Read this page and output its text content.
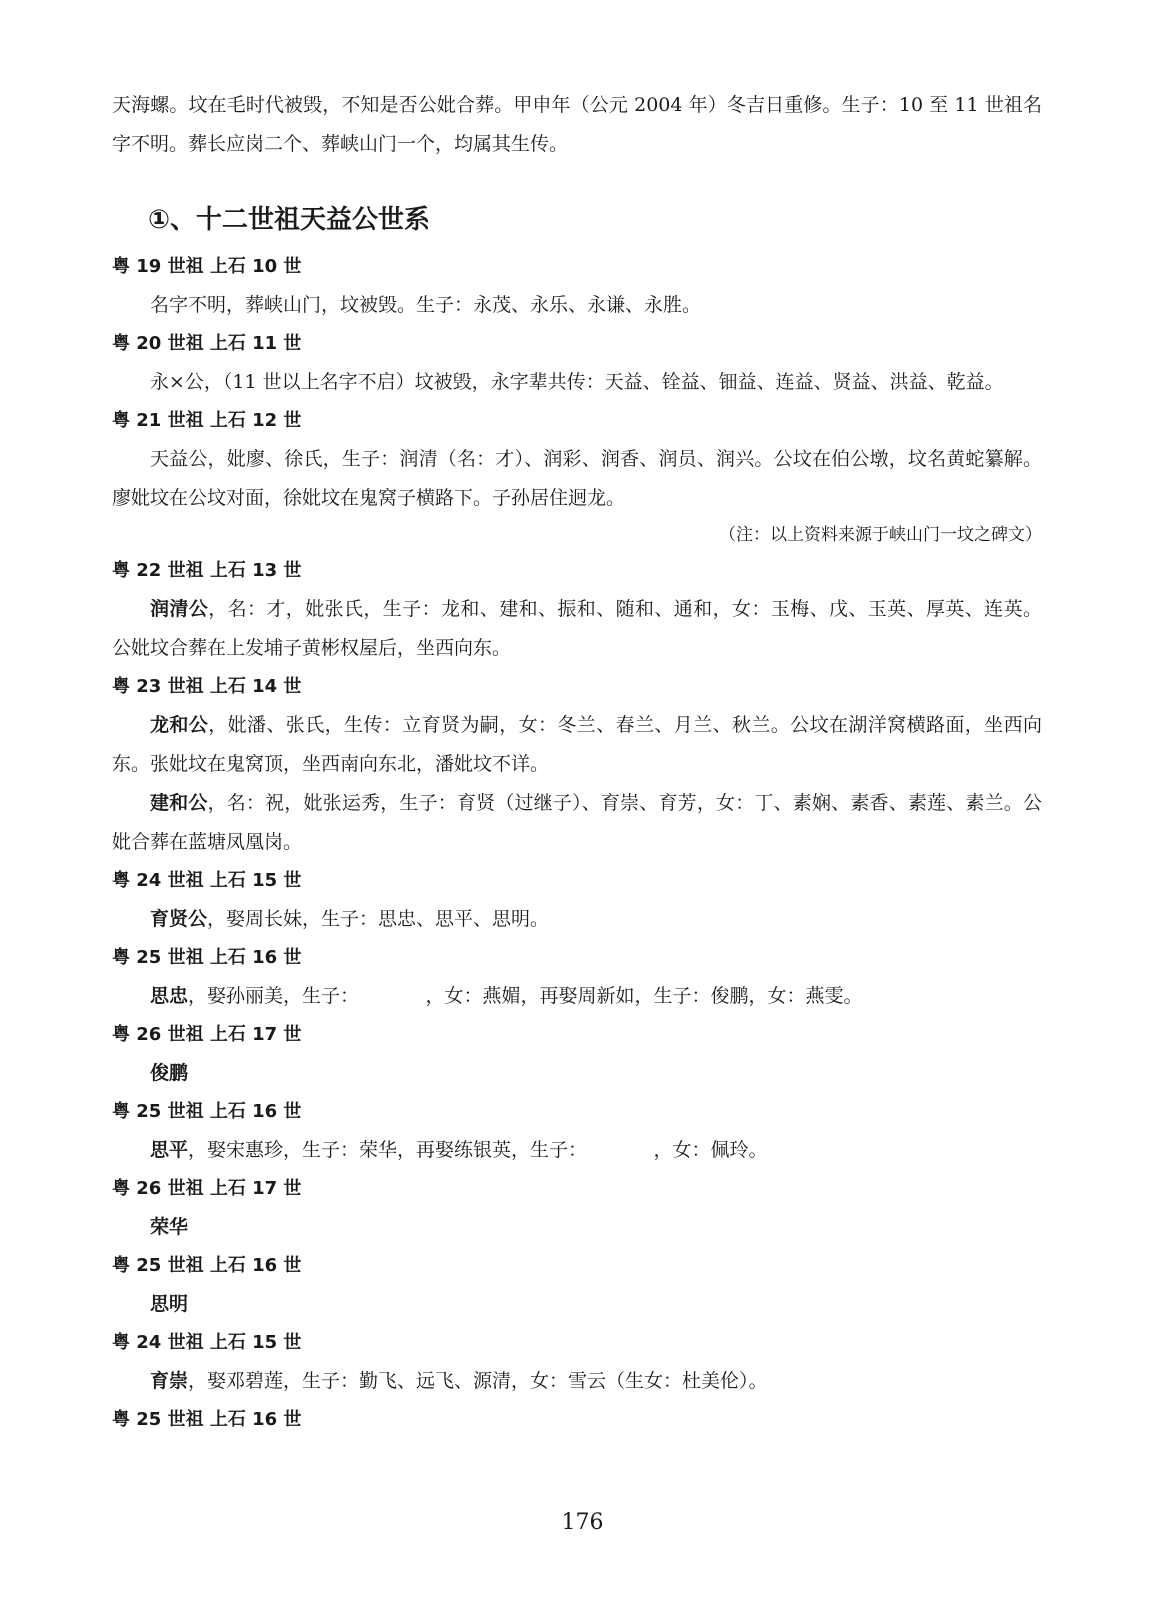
天海螺。坟在毛时代被毁，不知是否公妣合葬。甲申年（公元 2004 年）冬吉日重修。生子：10 至 11 世祖名字不明。葬长应岗二个、葬峡山门一个，均属其生传。

①、十二世祖天益公世系
粤 19 世祖 上石 10 世

名字不明，葬峡山门，坟被毁。生子：永茂、永乐、永谦、永胜。

粤 20 世祖 上石 11 世

永×公，（11 世以上名字不启）坟被毁，永字辈共传：天益、铨益、钿益、连益、贤益、洪益、乾益。

粤 21 世祖 上石 12 世

天益公，妣廖、徐氏，生子：润清（名：才）、润彩、润香、润员、润兴。公坟在伯公墩，坟名黄蛇纂解。廖妣坟在公坟对面，徐妣坟在鬼窝子横路下。子孙居住迥龙。

（注：以上资料来源于峡山门一坟之碑文）
粤 22 世祖 上石 13 世

润清公，名：才，妣张氏，生子：龙和、建和、振和、随和、通和，女：玉梅、戊、玉英、厚英、连英。公妣坟合葬在上发埔子黄彬权屋后，坐西向东。

粤 23 世祖 上石 14 世

龙和公，妣潘、张氏，生传：立育贤为嗣，女：冬兰、春兰、月兰、秋兰。公坟在湖洋窝横路面，坐西向东。张妣坟在鬼窝顶，坐西南向东北，潘妣坟不详。

建和公，名：祝，妣张运秀，生子：育贤（过继子）、育崇、育芳，女：丁、素娴、素香、素莲、素兰。公妣合葬在蓝塘凤凰岗。

粤 24 世祖 上石 15 世

育贤公，娶周长妹，生子：思忠、思平、思明。

粤 25 世祖 上石 16 世

思忠，娶孙丽美，生子：　　　　，女：燕媚，再娶周新如，生子：俊鹏，女：燕雯。

粤 26 世祖 上石 17 世

俊鹏

粤 25 世祖 上石 16 世

思平，娶宋惠珍，生子：荣华，再娶练银英，生子：　　　　，女：佩玲。

粤 26 世祖 上石 17 世

荣华

粤 25 世祖 上石 16 世

思明

粤 24 世祖 上石 15 世

育崇，娶邓碧莲，生子：勤飞、远飞、源清，女：雪云（生女：杜美伦）。

粤 25 世祖 上石 16 世
176
